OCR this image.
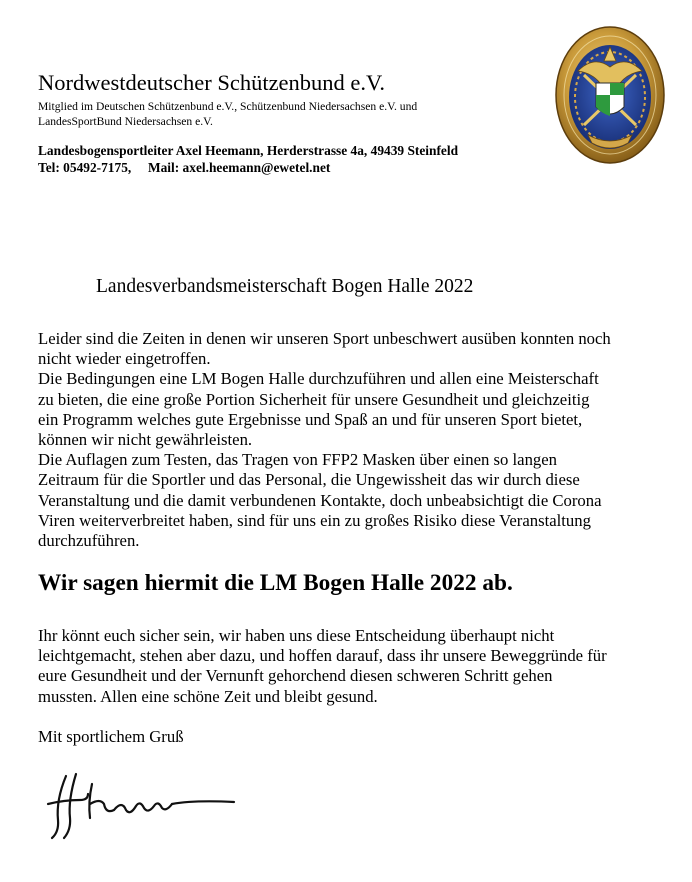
Nordwestdeutscher Schützenbund e.V.
Mitglied im Deutschen Schützenbund e.V., Schützenbund Niedersachsen e.V. und
LandesSportBund Niedersachsen e.V.
Landesbogensportleiter Axel Heemann, Herderstrasse 4a, 49439 Steinfeld
Tel: 05492-7175,     Mail: axel.heemann@ewetel.net
Landesverbandsmeisterschaft Bogen Halle 2022
Leider sind die Zeiten in denen wir unseren Sport unbeschwert ausüben konnten noch
nicht wieder eingetroffen.
Die Bedingungen eine LM Bogen Halle durchzuführen und allen eine Meisterschaft
zu bieten, die eine große Portion Sicherheit für unsere Gesundheit und gleichzeitig
ein Programm welches gute Ergebnisse und Spaß an und für unseren Sport bietet,
können wir nicht gewährleisten.
Die Auflagen zum Testen, das Tragen von FFP2 Masken über einen so langen
Zeitraum für die Sportler und das Personal, die Ungewissheit das wir durch diese
Veranstaltung und die damit verbundenen Kontakte, doch unbeabsichtigt die Corona
Viren weiterverbreitet haben, sind für uns ein zu großes Risiko diese Veranstaltung
durchzuführen.
Wir sagen hiermit die LM Bogen Halle 2022 ab.
Ihr könnt euch sicher sein, wir haben uns diese Entscheidung überhaupt nicht
leichtgemacht, stehen aber dazu, und hoffen darauf, dass ihr unsere Beweggründe für
eure Gesundheit und der Vernunft gehorchend diesen schweren Schritt gehen
mussten. Allen eine schöne Zeit und bleibt gesund.
Mit sportlichem Gruß
